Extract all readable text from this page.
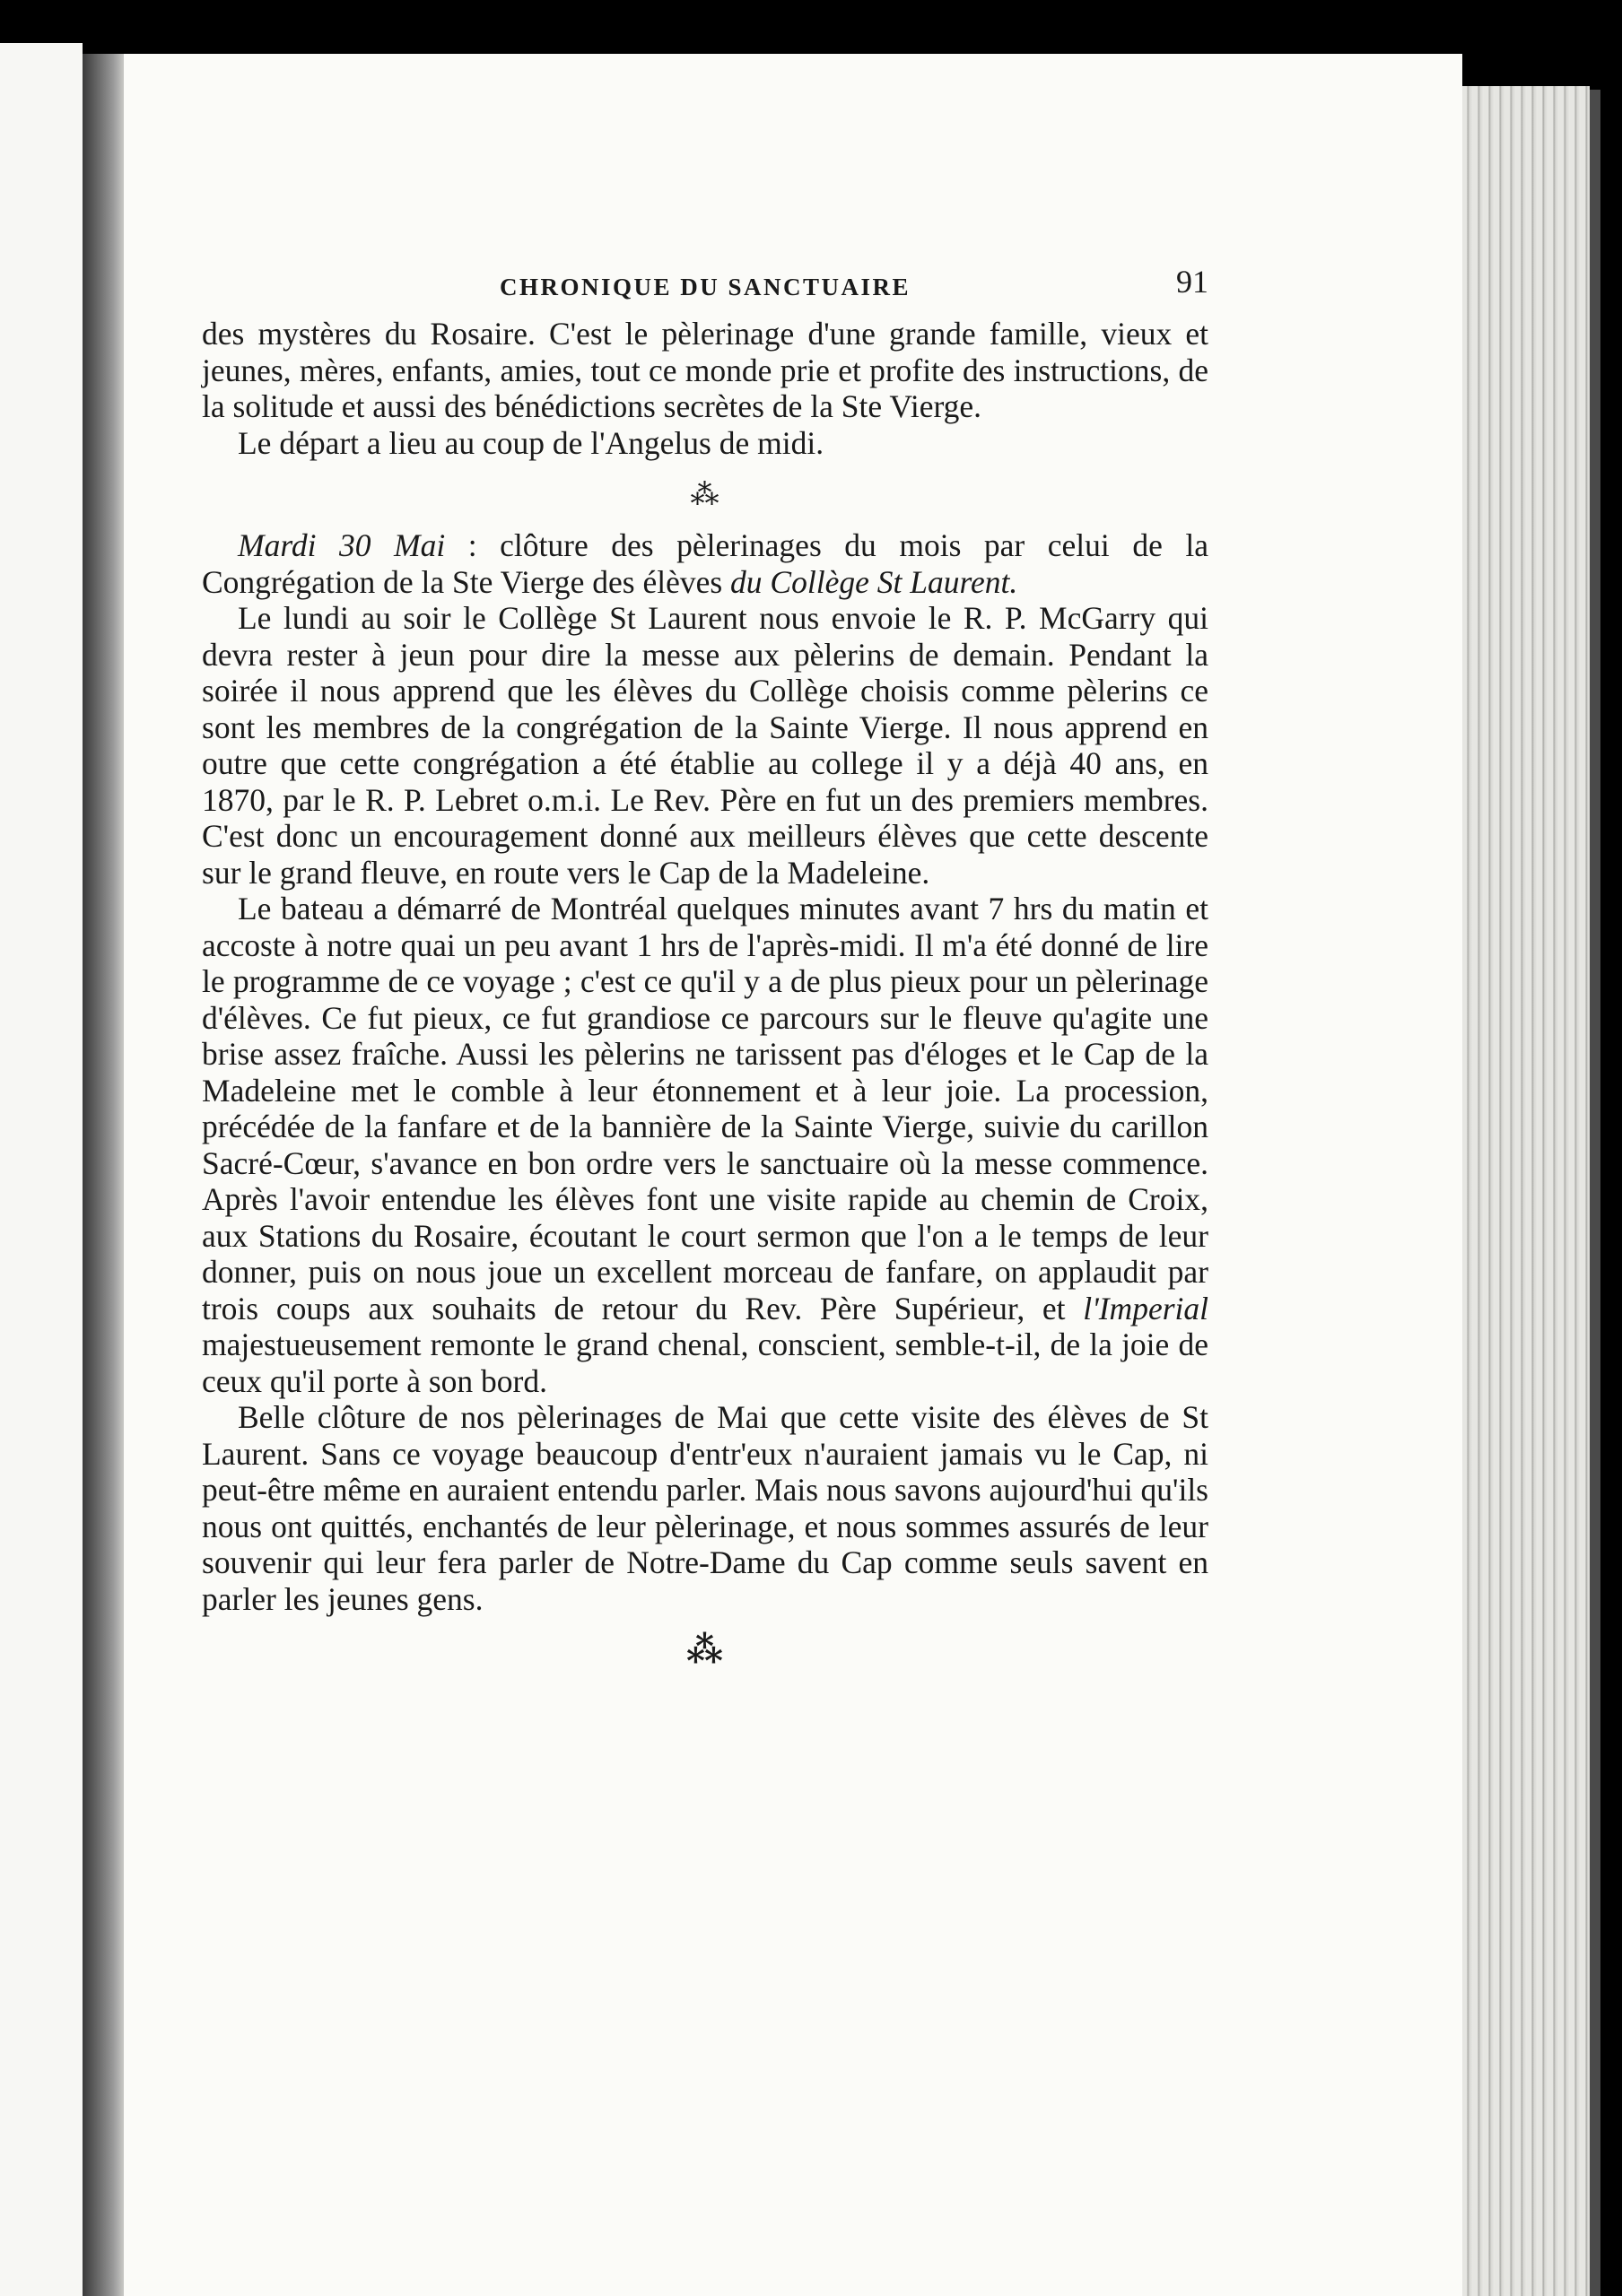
CHRONIQUE DU SANCTUAIRE	91

des mystères du Rosaire. C'est le pèlerinage d'une grande famille, vieux et jeunes, mères, enfants, amies, tout ce monde prie et profite des instructions, de la solitude et aussi des bénédictions secrètes de la Ste Vierge.

Le départ a lieu au coup de l'Angelus de midi.

⁂

Mardi 30 Mai : clôture des pèlerinages du mois par celui de la Congrégation de la Ste Vierge des élèves du Collège St Laurent.

Le lundi au soir le Collège St Laurent nous envoie le R. P. McGarry qui devra rester à jeun pour dire la messe aux pèlerins de demain. Pendant la soirée il nous apprend que les élèves du Collège choisis comme pèlerins ce sont les membres de la congrégation de la Sainte Vierge. Il nous apprend en outre que cette congrégation a été établie au college il y a déjà 40 ans, en 1870, par le R. P. Lebret o.m.i. Le Rev. Père en fut un des premiers membres. C'est donc un encouragement donné aux meilleurs élèves que cette descente sur le grand fleuve, en route vers le Cap de la Madeleine.

Le bateau a démarré de Montréal quelques minutes avant 7 hrs du matin et accoste à notre quai un peu avant 1 hrs de l'après-midi. Il m'a été donné de lire le programme de ce voyage ; c'est ce qu'il y a de plus pieux pour un pèlerinage d'élèves. Ce fut pieux, ce fut grandiose ce parcours sur le fleuve qu'agite une brise assez fraîche. Aussi les pèlerins ne tarissent pas d'éloges et le Cap de la Madeleine met le comble à leur étonnement et à leur joie. La procession, précédée de la fanfare et de la bannière de la Sainte Vierge, suivie du carillon Sacré-Cœur, s'avance en bon ordre vers le sanctuaire où la messe commence. Après l'avoir entendue les élèves font une visite rapide au chemin de Croix, aux Stations du Rosaire, écoutant le court sermon que l'on a le temps de leur donner, puis on nous joue un excellent morceau de fanfare, on applaudit par trois coups aux souhaits de retour du Rev. Père Supérieur, et l'Imperial majestueusement remonte le grand chenal, conscient, semble-t-il, de la joie de ceux qu'il porte à son bord.

Belle clôture de nos pèlerinages de Mai que cette visite des élèves de St Laurent. Sans ce voyage beaucoup d'entr'eux n'auraient jamais vu le Cap, ni peut-être même en auraient entendu parler. Mais nous savons aujourd'hui qu'ils nous ont quittés, enchantés de leur pèlerinage, et nous sommes assurés de leur souvenir qui leur fera parler de Notre-Dame du Cap comme seuls savent en parler les jeunes gens.

⁂
